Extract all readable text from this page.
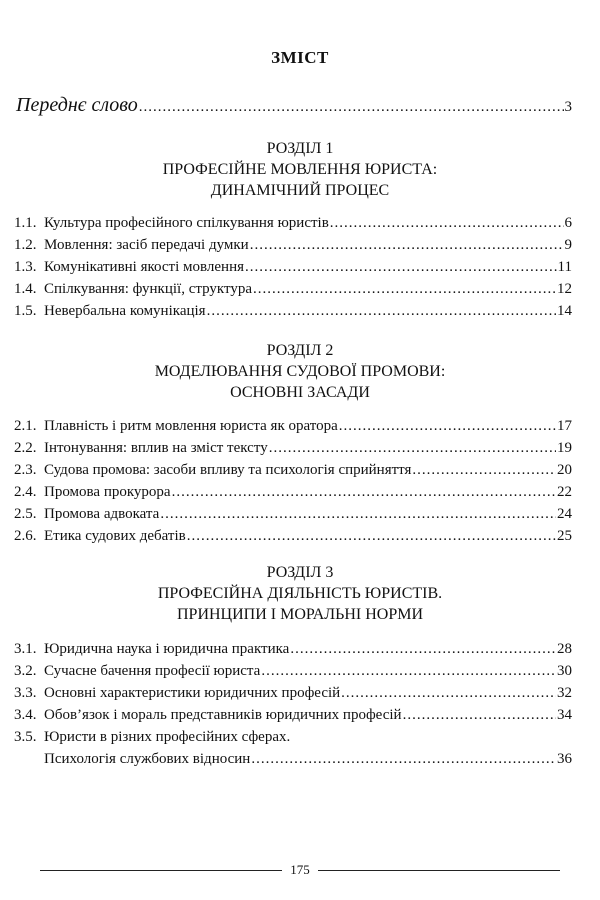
ЗМІСТ
Переднє слово .....	3
РОЗДІЛ 1
ПРОФЕСІЙНЕ МОВЛЕННЯ ЮРИСТА:
ДИНАМІЧНИЙ ПРОЦЕС
1.1. Культура професійного спілкування юристів .....	6
1.2. Мовлення: засіб передачі думки .....	9
1.3. Комунікативні якості мовлення .....	11
1.4. Спілкування: функції, структура .....	12
1.5. Невербальна комунікація .....	14
РОЗДІЛ 2
МОДЕЛЮВАННЯ СУДОВОЇ ПРОМОВИ:
ОСНОВНІ ЗАСАДИ
2.1. Плавність і ритм мовлення юриста як оратора .....	17
2.2. Інтонування: вплив на зміст тексту .....	19
2.3. Судова промова: засоби впливу та психологія сприйняття .....	20
2.4. Промова прокурора .....	22
2.5. Промова адвоката .....	24
2.6. Етика судових дебатів .....	25
РОЗДІЛ 3
ПРОФЕСІЙНА ДІЯЛЬНІСТЬ ЮРИСТІВ.
ПРИНЦИПИ І МОРАЛЬНІ НОРМИ
3.1. Юридична наука і юридична практика .....	28
3.2. Сучасне бачення професії юриста .....	30
3.3. Основні характеристики юридичних професій .....	32
3.4. Обов’язок і мораль представників юридичних професій .....	34
3.5. Юристи в різних професійних сферах.
Психологія службових відносин .....	36
175
